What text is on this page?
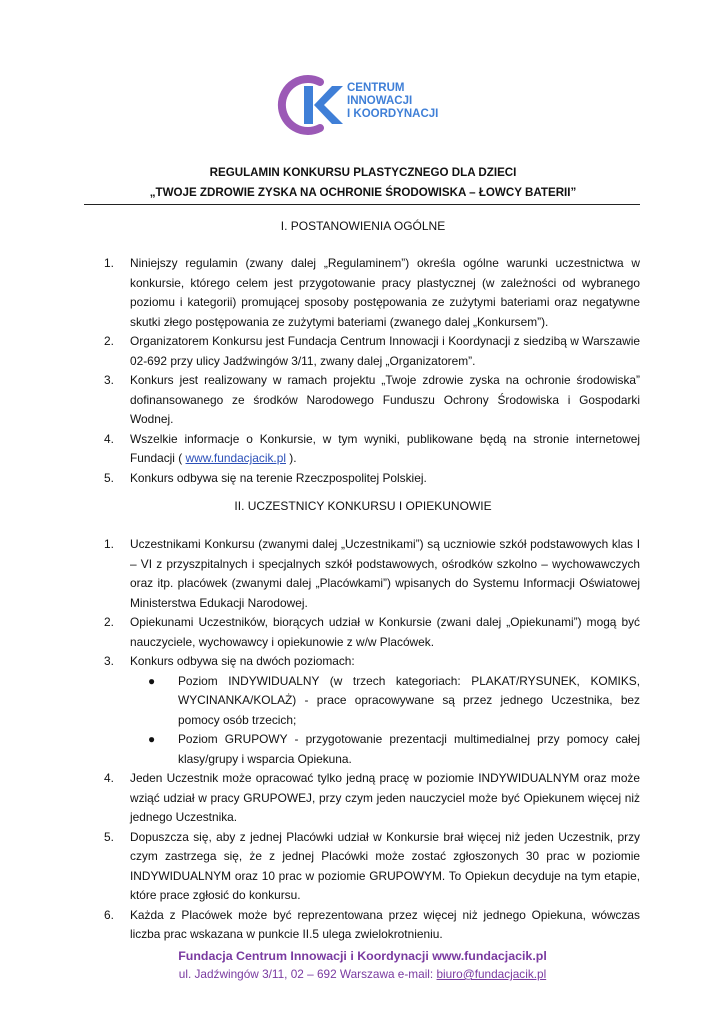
CENTRUM
INNOWACJI
I KOORDYNACJI
REGULAMIN KONKURSU PLASTYCZNEGO DLA DZIECI
„TWOJE ZDROWIE ZYSKA NA OCHRONIE ŚRODOWISKA – ŁOWCY BATERII”
I. POSTANOWIENIA OGÓLNE
1. Niniejszy regulamin (zwany dalej „Regulaminem”) określa ogólne warunki uczestnictwa w konkursie, którego celem jest przygotowanie pracy plastycznej (w zależności od wybranego poziomu i kategorii) promującej sposoby postępowania ze zużytymi bateriami oraz negatywne skutki złego postępowania ze zużytymi bateriami (zwanego dalej „Konkursem”).
2. Organizatorem Konkursu jest Fundacja Centrum Innowacji i Koordynacji z siedzibą w Warszawie 02-692 przy ulicy Jadźwingów 3/11, zwany dalej „Organizatorem”.
3. Konkurs jest realizowany w ramach projektu „Twoje zdrowie zyska na ochronie środowiska” dofinansowanego ze środków Narodowego Funduszu Ochrony Środowiska i Gospodarki Wodnej.
4. Wszelkie informacje o Konkursie, w tym wyniki, publikowane będą na stronie internetowej Fundacji ( www.fundacjacik.pl ).
5. Konkurs odbywa się na terenie Rzeczpospolitej Polskiej.
II. UCZESTNICY KONKURSU I OPIEKUNOWIE
1. Uczestnikami Konkursu (zwanymi dalej „Uczestnikami”) są uczniowie szkół podstawowych klas I – VI z przyszpitalnych i specjalnych szkół podstawowych, ośrodków szkolno – wychowawczych oraz itp. placówek (zwanymi dalej „Placówkami”) wpisanych do Systemu Informacji Oświatowej Ministerstwa Edukacji Narodowej.
2. Opiekunami Uczestników, biorących udział w Konkursie (zwani dalej „Opiekunami”) mogą być nauczyciele, wychowawcy i opiekunowie z w/w Placówek.
3. Konkurs odbywa się na dwóch poziomach:
● Poziom INDYWIDUALNY (w trzech kategoriach: PLAKAT/RYSUNEK, KOMIKS, WYCINANKA/KOLAŻ) - prace opracowywane są przez jednego Uczestnika, bez pomocy osób trzecich;
● Poziom GRUPOWY - przygotowanie prezentacji multimedialnej przy pomocy całej klasy/grupy i wsparcia Opiekuna.
4. Jeden Uczestnik może opracować tylko jedną pracę w poziomie INDYWIDUALNYM oraz może wziąć udział w pracy GRUPOWEJ, przy czym jeden nauczyciel może być Opiekunem więcej niż jednego Uczestnika.
5. Dopuszcza się, aby z jednej Placówki udział w Konkursie brał więcej niż jeden Uczestnik, przy czym zastrzega się, że z jednej Placówki może zostać zgłoszonych 30 prac w poziomie INDYWIDUALNYM oraz 10 prac w poziomie GRUPOWYM. To Opiekun decyduje na tym etapie, które prace zgłosić do konkursu.
6. Każda z Placówek może być reprezentowana przez więcej niż jednego Opiekuna, wówczas liczba prac wskazana w punkcie II.5 ulega zwielokrotnieniu.
Fundacja Centrum Innowacji i Koordynacji www.fundacjacik.pl
ul. Jadźwingów 3/11, 02 – 692 Warszawa e-mail: biuro@fundacjacik.pl
